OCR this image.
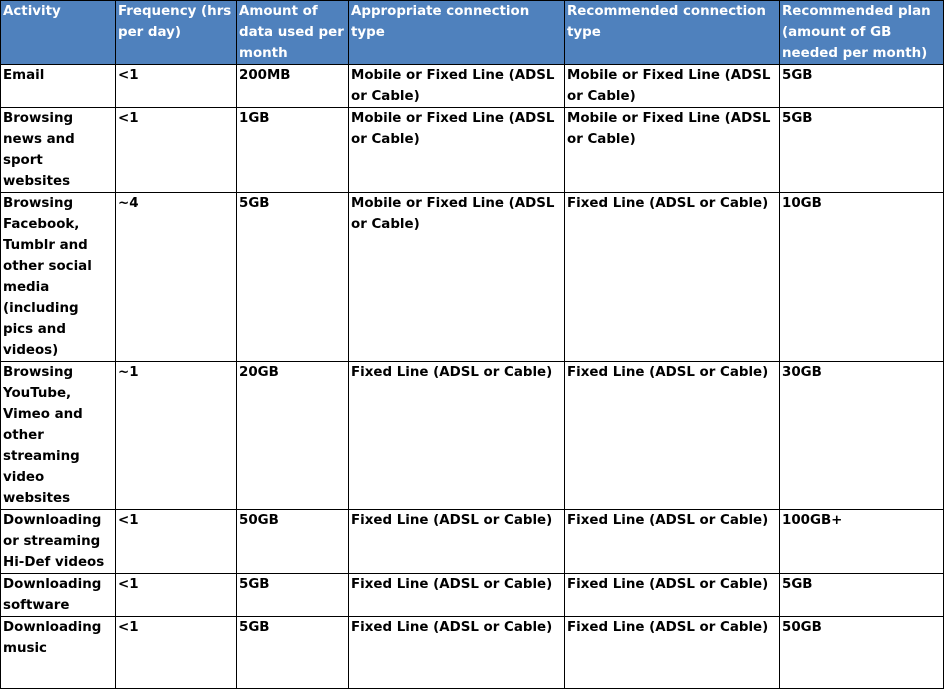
Activity	Frequency (hrs per day)	Amount of data used per month	Appropriate connection type	Recommended connection type	Recommended plan (amount of GB needed per month)
Email	<1	200MB	Mobile or Fixed Line (ADSL or Cable)	Mobile or Fixed Line (ADSL or Cable)	5GB
Browsing news and sport websites	<1	1GB	Mobile or Fixed Line (ADSL or Cable)	Mobile or Fixed Line (ADSL or Cable)	5GB
Browsing Facebook, Tumblr and other social media (including pics and videos)	~4	5GB	Mobile or Fixed Line (ADSL or Cable)	Fixed Line (ADSL or Cable)	10GB
Browsing YouTube, Vimeo and other streaming video websites	~1	20GB	Fixed Line (ADSL or Cable)	Fixed Line (ADSL or Cable)	30GB
Downloading or streaming Hi-Def videos	<1	50GB	Fixed Line (ADSL or Cable)	Fixed Line (ADSL or Cable)	100GB+
Downloading software	<1	5GB	Fixed Line (ADSL or Cable)	Fixed Line (ADSL or Cable)	5GB
Downloading music	<1	5GB	Fixed Line (ADSL or Cable)	Fixed Line (ADSL or Cable)	50GB
